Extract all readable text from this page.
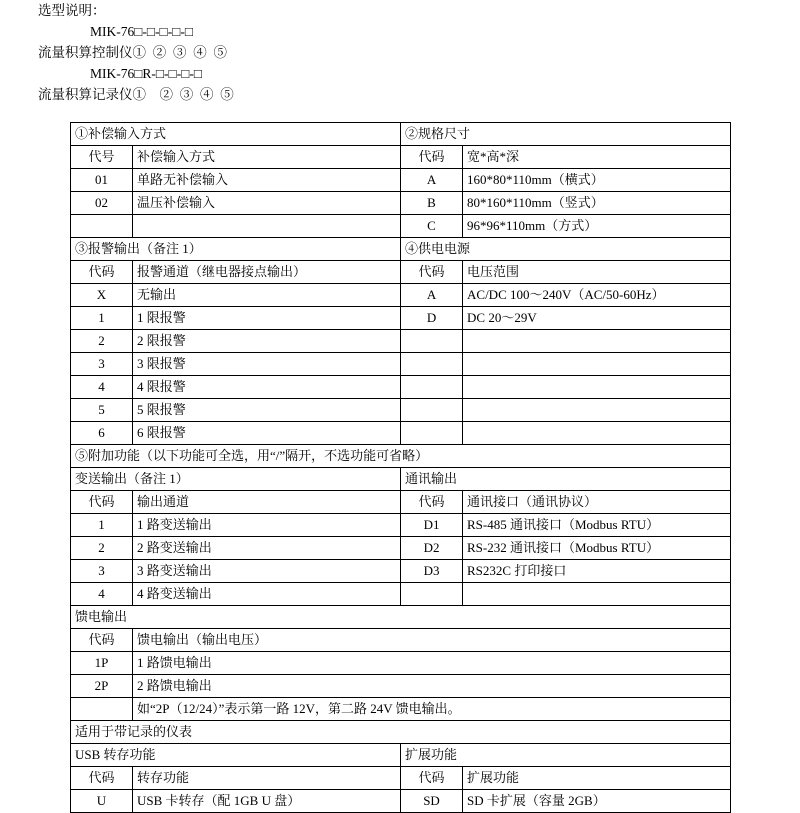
选型说明：
MIK-76□-□-□-□-□
流量积算控制仪①  ②  ③  ④  ⑤
MIK-76□R-□-□-□-□
流量积算记录仪①    ②  ③  ④  ⑤
①补偿输入方式		②规格尺寸	
代号	补偿输入方式	代码	宽*高*深
01	单路无补偿输入	A	160*80*110mm（横式）
02	温压补偿输入	B	80*160*110mm（竖式）
		C	96*96*110mm（方式）
③报警输出（备注 1）		④供电电源	
代码	报警通道（继电器接点输出）	代码	电压范围
X	无输出	A	AC/DC 100～240V（AC/50-60Hz）
1	1 限报警	D	DC 20～29V
2	2 限报警		
3	3 限报警		
4	4 限报警		
5	5 限报警		
6	6 限报警		
⑤附加功能（以下功能可全选，用“/”隔开，不选功能可省略）			
变送输出（备注 1）		通讯输出	
代码	输出通道	代码	通讯接口（通讯协议）
1	1 路变送输出	D1	RS-485 通讯接口（Modbus RTU）
2	2 路变送输出	D2	RS-232 通讯接口（Modbus RTU）
3	3 路变送输出	D3	RS232C 打印接口
4	4 路变送输出		
馈电输出			
代码	馈电输出（输出电压）		
1P	1 路馈电输出		
2P	2 路馈电输出		
	如“2P（12/24）”表示第一路 12V，第二路 24V 馈电输出。		
适用于带记录的仪表			
USB 转存功能		扩展功能	
代码	转存功能	代码	扩展功能
U	USB 卡转存（配 1GB U 盘）	SD	SD 卡扩展（容量 2GB）
